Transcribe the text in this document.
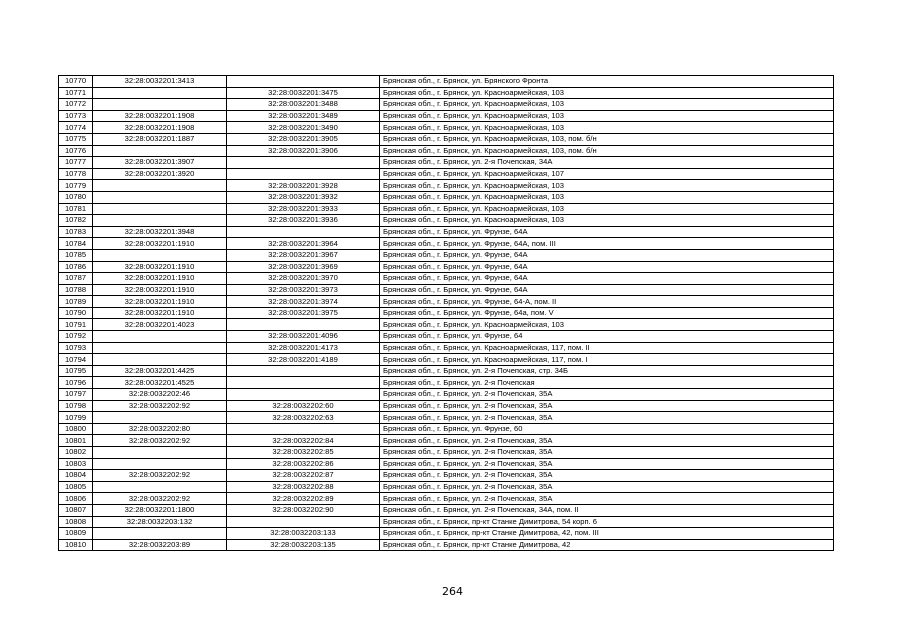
10770	32:28:0032201:3413		Брянская обл., г. Брянск, ул. Брянского Фронта
10771		32:28:0032201:3475	Брянская обл., г. Брянск, ул. Красноармейская, 103
10772		32:28:0032201:3488	Брянская обл., г. Брянск, ул. Красноармейская, 103
10773	32:28:0032201:1908	32:28:0032201:3489	Брянская обл., г. Брянск, ул. Красноармейская, 103
10774	32:28:0032201:1908	32:28:0032201:3490	Брянская обл., г. Брянск, ул. Красноармейская, 103
10775	32:28:0032201:1887	32:28:0032201:3905	Брянская обл., г. Брянск, ул. Красноармейская, 103, пом. б/н
10776		32:28:0032201:3906	Брянская обл., г. Брянск, ул. Красноармейская, 103, пом. б/н
10777	32:28:0032201:3907		Брянская обл., г. Брянск, ул. 2-я Почепская, 34А
10778	32:28:0032201:3920		Брянская обл., г. Брянск, ул. Красноармейская, 107
10779		32:28:0032201:3928	Брянская обл., г. Брянск, ул. Красноармейская, 103
10780		32:28:0032201:3932	Брянская обл., г. Брянск, ул. Красноармейская, 103
10781		32:28:0032201:3933	Брянская обл., г. Брянск, ул. Красноармейская, 103
10782		32:28:0032201:3936	Брянская обл., г. Брянск, ул. Красноармейская, 103
10783	32:28:0032201:3948		Брянская обл., г. Брянск, ул. Фрунзе, 64А
10784	32:28:0032201:1910	32:28:0032201:3964	Брянская обл., г. Брянск, ул. Фрунзе, 64А, пом. III
10785		32:28:0032201:3967	Брянская обл., г. Брянск, ул. Фрунзе, 64А
10786	32:28:0032201:1910	32:28:0032201:3969	Брянская обл., г. Брянск, ул. Фрунзе, 64А
10787	32:28:0032201:1910	32:28:0032201:3970	Брянская обл., г. Брянск, ул. Фрунзе, 64А
10788	32:28:0032201:1910	32:28:0032201:3973	Брянская обл., г. Брянск, ул. Фрунзе, 64А
10789	32:28:0032201:1910	32:28:0032201:3974	Брянская обл., г. Брянск, ул. Фрунзе, 64-А, пом. II
10790	32:28:0032201:1910	32:28:0032201:3975	Брянская обл., г. Брянск, ул. Фрунзе, 64а, пом. V
10791	32:28:0032201:4023		Брянская обл., г. Брянск, ул. Красноармейская, 103
10792		32:28:0032201:4096	Брянская обл., г. Брянск, ул. Фрунзе, 64
10793		32:28:0032201:4173	Брянская обл., г. Брянск, ул. Красноармейская, 117, пом. II
10794		32:28:0032201:4189	Брянская обл., г. Брянск, ул. Красноармейская, 117, пом. I
10795	32:28:0032201:4425		Брянская обл., г. Брянск, ул. 2-я Почепская, стр. 34Б
10796	32:28:0032201:4525		Брянская обл., г. Брянск, ул. 2-я Почепская
10797	32:28:0032202:46		Брянская обл., г. Брянск, ул. 2-я Почепская, 35А
10798	32:28:0032202:92	32:28:0032202:60	Брянская обл., г. Брянск, ул. 2-я Почепская, 35А
10799		32:28:0032202:63	Брянская обл., г. Брянск, ул. 2-я Почепская, 35А
10800	32:28:0032202:80		Брянская обл., г. Брянск, ул. Фрунзе, 60
10801	32:28:0032202:92	32:28:0032202:84	Брянская обл., г. Брянск, ул. 2-я Почепская, 35А
10802		32:28:0032202:85	Брянская обл., г. Брянск, ул. 2-я Почепская, 35А
10803		32:28:0032202:86	Брянская обл., г. Брянск, ул. 2-я Почепская, 35А
10804	32:28:0032202:92	32:28:0032202:87	Брянская обл., г. Брянск, ул. 2-я Почепская, 35А
10805		32:28:0032202:88	Брянская обл., г. Брянск, ул. 2-я Почепская, 35А
10806	32:28:0032202:92	32:28:0032202:89	Брянская обл., г. Брянск, ул. 2-я Почепская, 35А
10807	32:28:0032201:1800	32:28:0032202:90	Брянская обл., г. Брянск, ул. 2-я Почепская, 34А, пом. II
10808	32:28:0032203:132		Брянская обл., г. Брянск, пр-кт Станке Димитрова, 54 корп. 6
10809		32:28:0032203:133	Брянская обл., г. Брянск, пр-кт Станке Димитрова, 42, пом. III
10810	32:28:0032203:89	32:28:0032203:135	Брянская обл., г. Брянск, пр-кт Станке Димитрова, 42
264
